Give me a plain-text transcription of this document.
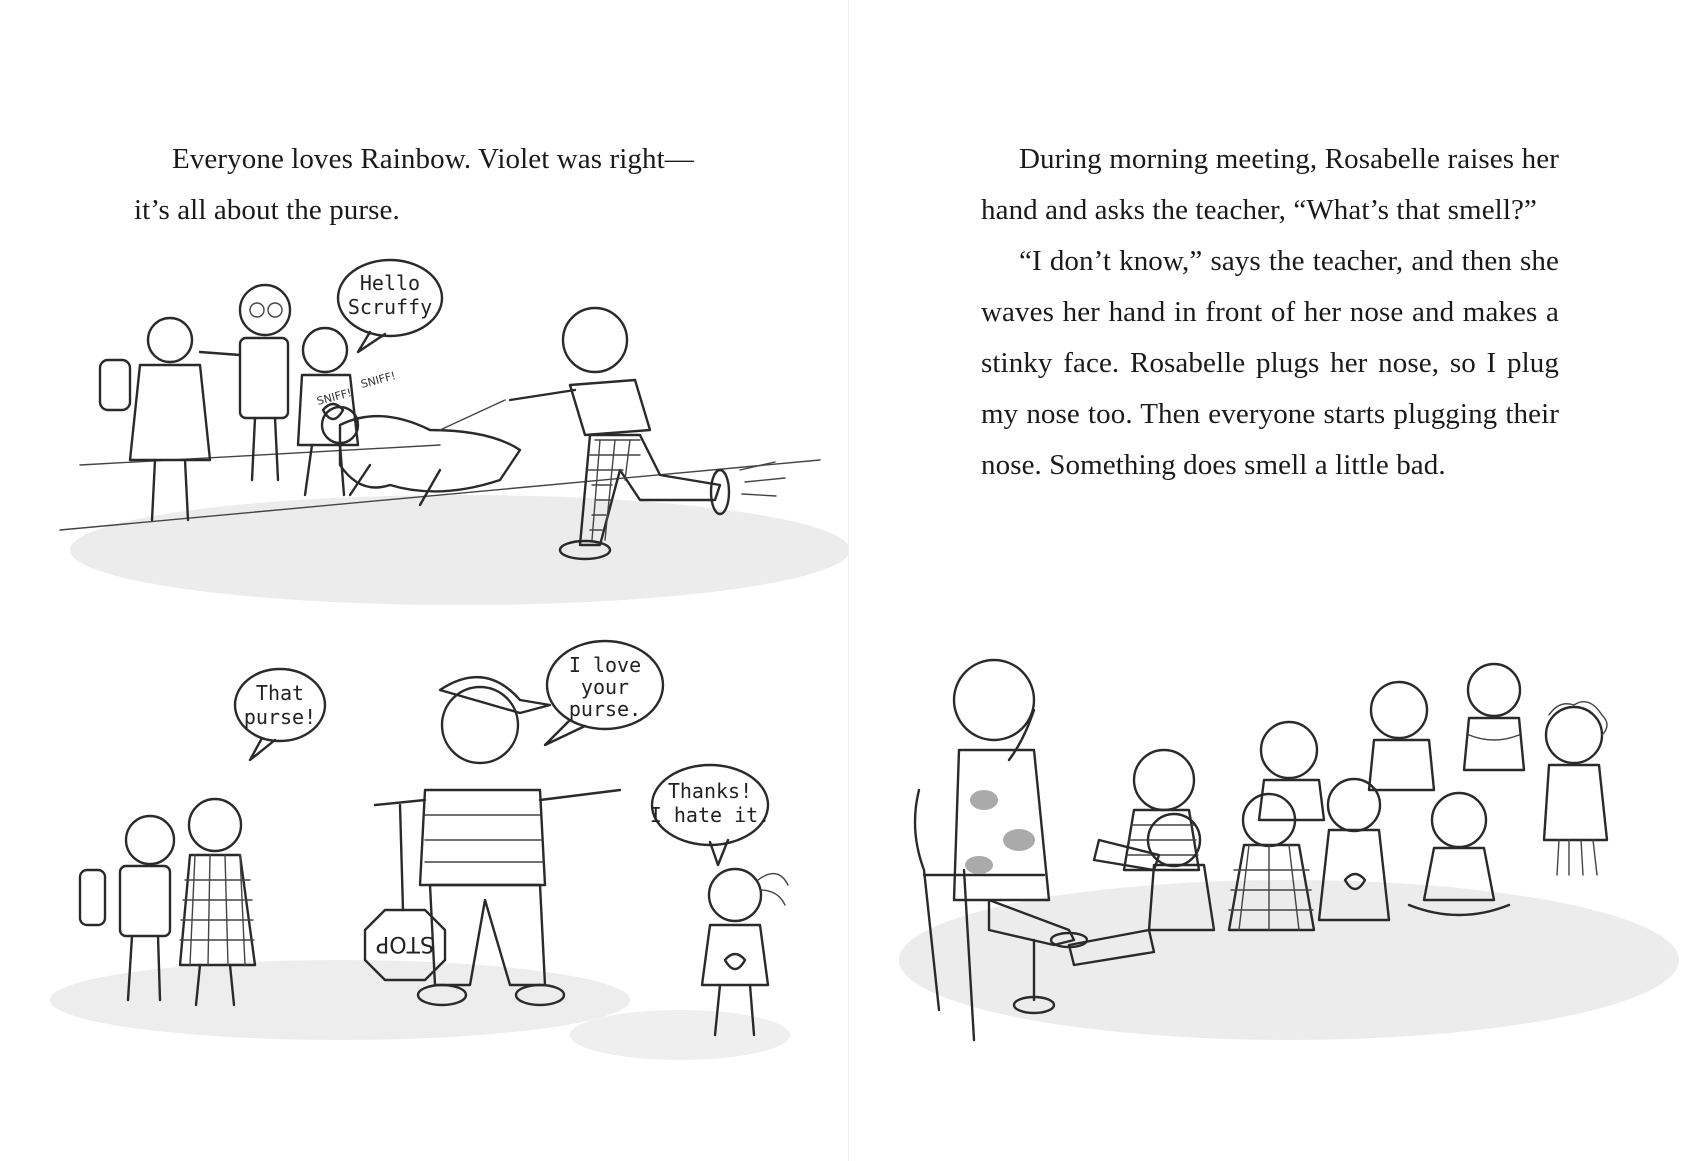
Everyone loves Rainbow. Violet was right—

it’s all about the purse.

Hello
Scruffy
SNIFF!
SNIFF!
That
purse!
I love
your
purse.
STOP
Thanks!
I hate it.

During morning meeting, Rosabelle raises her hand and asks the teacher, “What’s that smell?”

“I don’t know,” says the teacher, and then she waves her hand in front of her nose and makes a stinky face. Rosabelle plugs her nose, so I plug my nose too. Then everyone starts plugging their nose. Something does smell a little bad.
